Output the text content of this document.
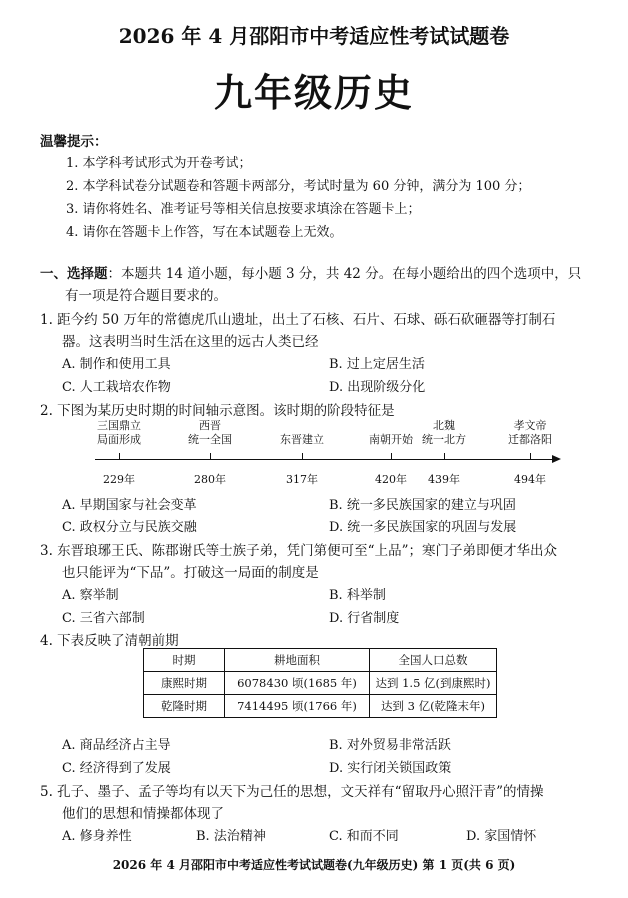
2026 年 4 月邵阳市中考适应性考试试题卷
九年级历史
温馨提示：
1. 本学科考试形式为开卷考试；
2. 本学科试卷分试题卷和答题卡两部分，考试时量为 60 分钟，满分为 100 分；
3. 请你将姓名、准考证号等相关信息按要求填涂在答题卡上；
4. 请你在答题卡上作答，写在本试题卷上无效。
一、选择题：本题共 14 道小题，每小题 3 分，共 42 分。在每小题给出的四个选项中，只
有一项是符合题目要求的。
1. 距今约 50 万年的常德虎爪山遗址，出土了石核、石片、石球、砾石砍砸器等打制石
器。这表明当时生活在这里的远古人类已经
A. 制作和使用工具	B. 过上定居生活
C. 人工栽培农作物	D. 出现阶级分化
2. 下图为某历史时期的时间轴示意图。该时期的阶段特征是
三国鼎立
局面形成
西晋
统一全国	东晋建立	南朝开始
北魏
统一北方
孝文帝
迁都洛阳
229年	280年	317年	420年	439年	494年
A. 早期国家与社会变革	B. 统一多民族国家的建立与巩固
C. 政权分立与民族交融	D. 统一多民族国家的巩固与发展
3. 东晋琅琊王氏、陈郡谢氏等士族子弟，凭门第便可至“上品”；寒门子弟即便才华出众
也只能评为“下品”。打破这一局面的制度是
A. 察举制	B. 科举制
C. 三省六部制	D. 行省制度
4. 下表反映了清朝前期
时期	耕地面积	全国人口总数
康熙时期	6078430 顷(1685 年)	达到 1.5 亿(到康熙时)
乾隆时期	7414495 顷(1766 年)	达到 3 亿(乾隆末年)
A. 商品经济占主导	B. 对外贸易非常活跃
C. 经济得到了发展	D. 实行闭关锁国政策
5. 孔子、墨子、孟子等均有以天下为己任的思想，文天祥有“留取丹心照汗青”的情操
他们的思想和情操都体现了
A. 修身养性	B. 法治精神	C. 和而不同	D. 家国情怀
2026 年 4 月邵阳市中考适应性考试试题卷(九年级历史) 第 1 页(共 6 页)
